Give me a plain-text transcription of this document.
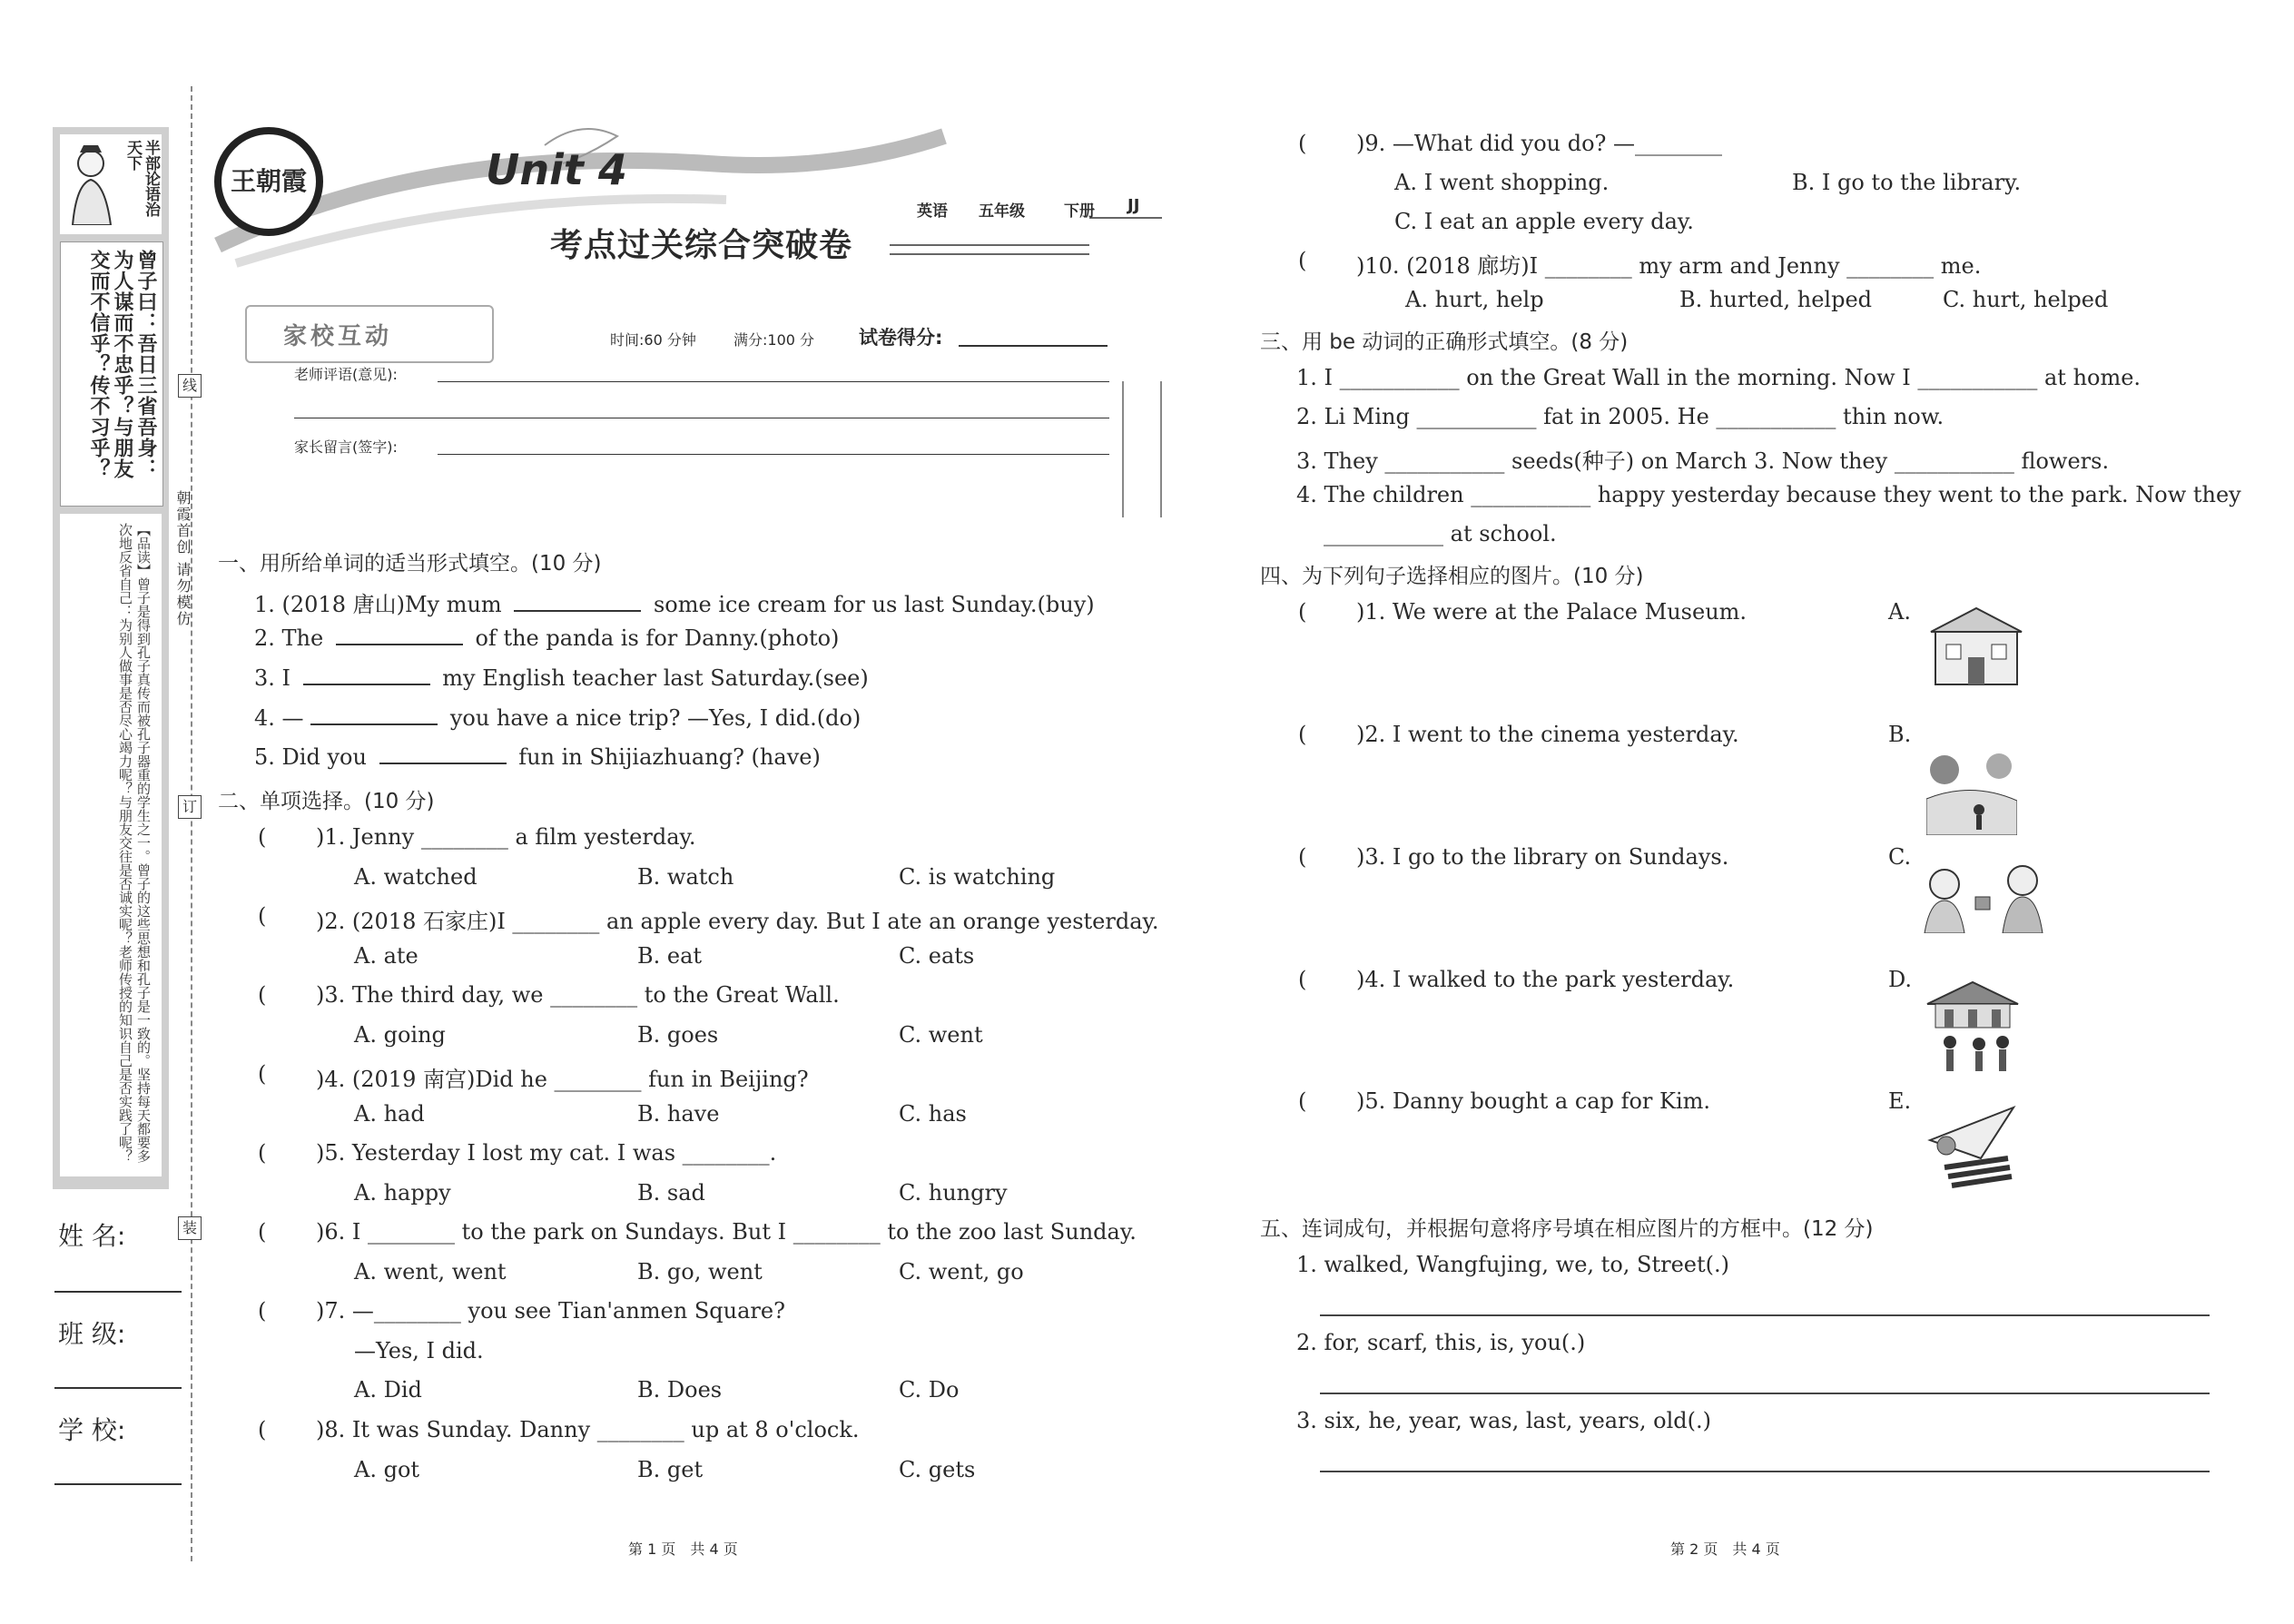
半部论语治天下
曾子曰：吾日三省吾身：为人谋而不忠乎？与朋友交而不信乎？传不习乎？
【品读】曾子是得到孔子真传而被孔子器重的学生之一。曾子的这些思想和孔子是一致的。坚持每天都要多次地反省自己：为别人做事是否尽心竭力呢？与朋友交往是否诚实呢？老师传授的知识自己是否实践了呢？
姓 名:
班 级:
学 校:
线
订
装
朝霞首创 请勿模仿
王朝霞	Unit 4
考点过关综合突破卷
英语 五年级	下册 JJ
家校互动	时间:60 分钟	满分:100 分 试卷得分:
老师评语(意见):
家长留言(签字):
一、用所给单词的适当形式填空。(10 分)
1. (2018 唐山)My mum	some ice cream for us last Sunday.(buy)
2. The	of the panda is for Danny.(photo)
3. I	my English teacher last Saturday.(see)
4. —	you have a nice trip? —Yes, I did.(do)
5. Did you	fun in Shijiazhuang? (have)
二、单项选择。(10 分)
( )1. Jenny ________ a film yesterday.
A. watched	B. watch	C. is watching
( )2. (2018 石家庄)I ________ an apple every day. But I ate an orange yesterday.
A. ate	B. eat	C. eats
( )3. The third day, we ________ to the Great Wall.
A. going	B. goes	C. went
( )4. (2019 南宫)Did he ________ fun in Beijing?
A. had	B. have	C. has
( )5. Yesterday I lost my cat. I was ________.
A. happy	B. sad	C. hungry
( )6. I ________ to the park on Sundays. But I ________ to the zoo last Sunday.
A. went, went	B. go, went	C. went, go
( )7. —________ you see Tian'anmen Square?
—Yes, I did.
A. Did	B. Does	C. Do
( )8. It was Sunday. Danny ________ up at 8 o'clock.
A. got	B. get	C. gets
第 1 页　共 4 页
( )9. —What did you do? —________
A. I went shopping.	B. I go to the library.
C. I eat an apple every day.
( )10. (2018 廊坊)I ________ my arm and Jenny ________ me.
A. hurt, help	B. hurted, helped	C. hurt, helped
三、用 be 动词的正确形式填空。(8 分)
1. I ___________ on the Great Wall in the morning. Now I ___________ at home.
2. Li Ming ___________ fat in 2005. He ___________ thin now.
3. They ___________ seeds(种子) on March 3. Now they ___________ flowers.
4. The children ___________ happy yesterday because they went to the park. Now they
___________ at school.
四、为下列句子选择相应的图片。(10 分)
( )1. We were at the Palace Museum.	A.
( )2. I went to the cinema yesterday.	B.
( )3. I go to the library on Sundays.	C.
( )4. I walked to the park yesterday.	D.
( )5. Danny bought a cap for Kim.	E.
五、连词成句，并根据句意将序号填在相应图片的方框中。(12 分)
1. walked, Wangfujing, we, to, Street(.)
2. for, scarf, this, is, you(.)
3. six, he, year, was, last, years, old(.)
第 2 页　共 4 页
